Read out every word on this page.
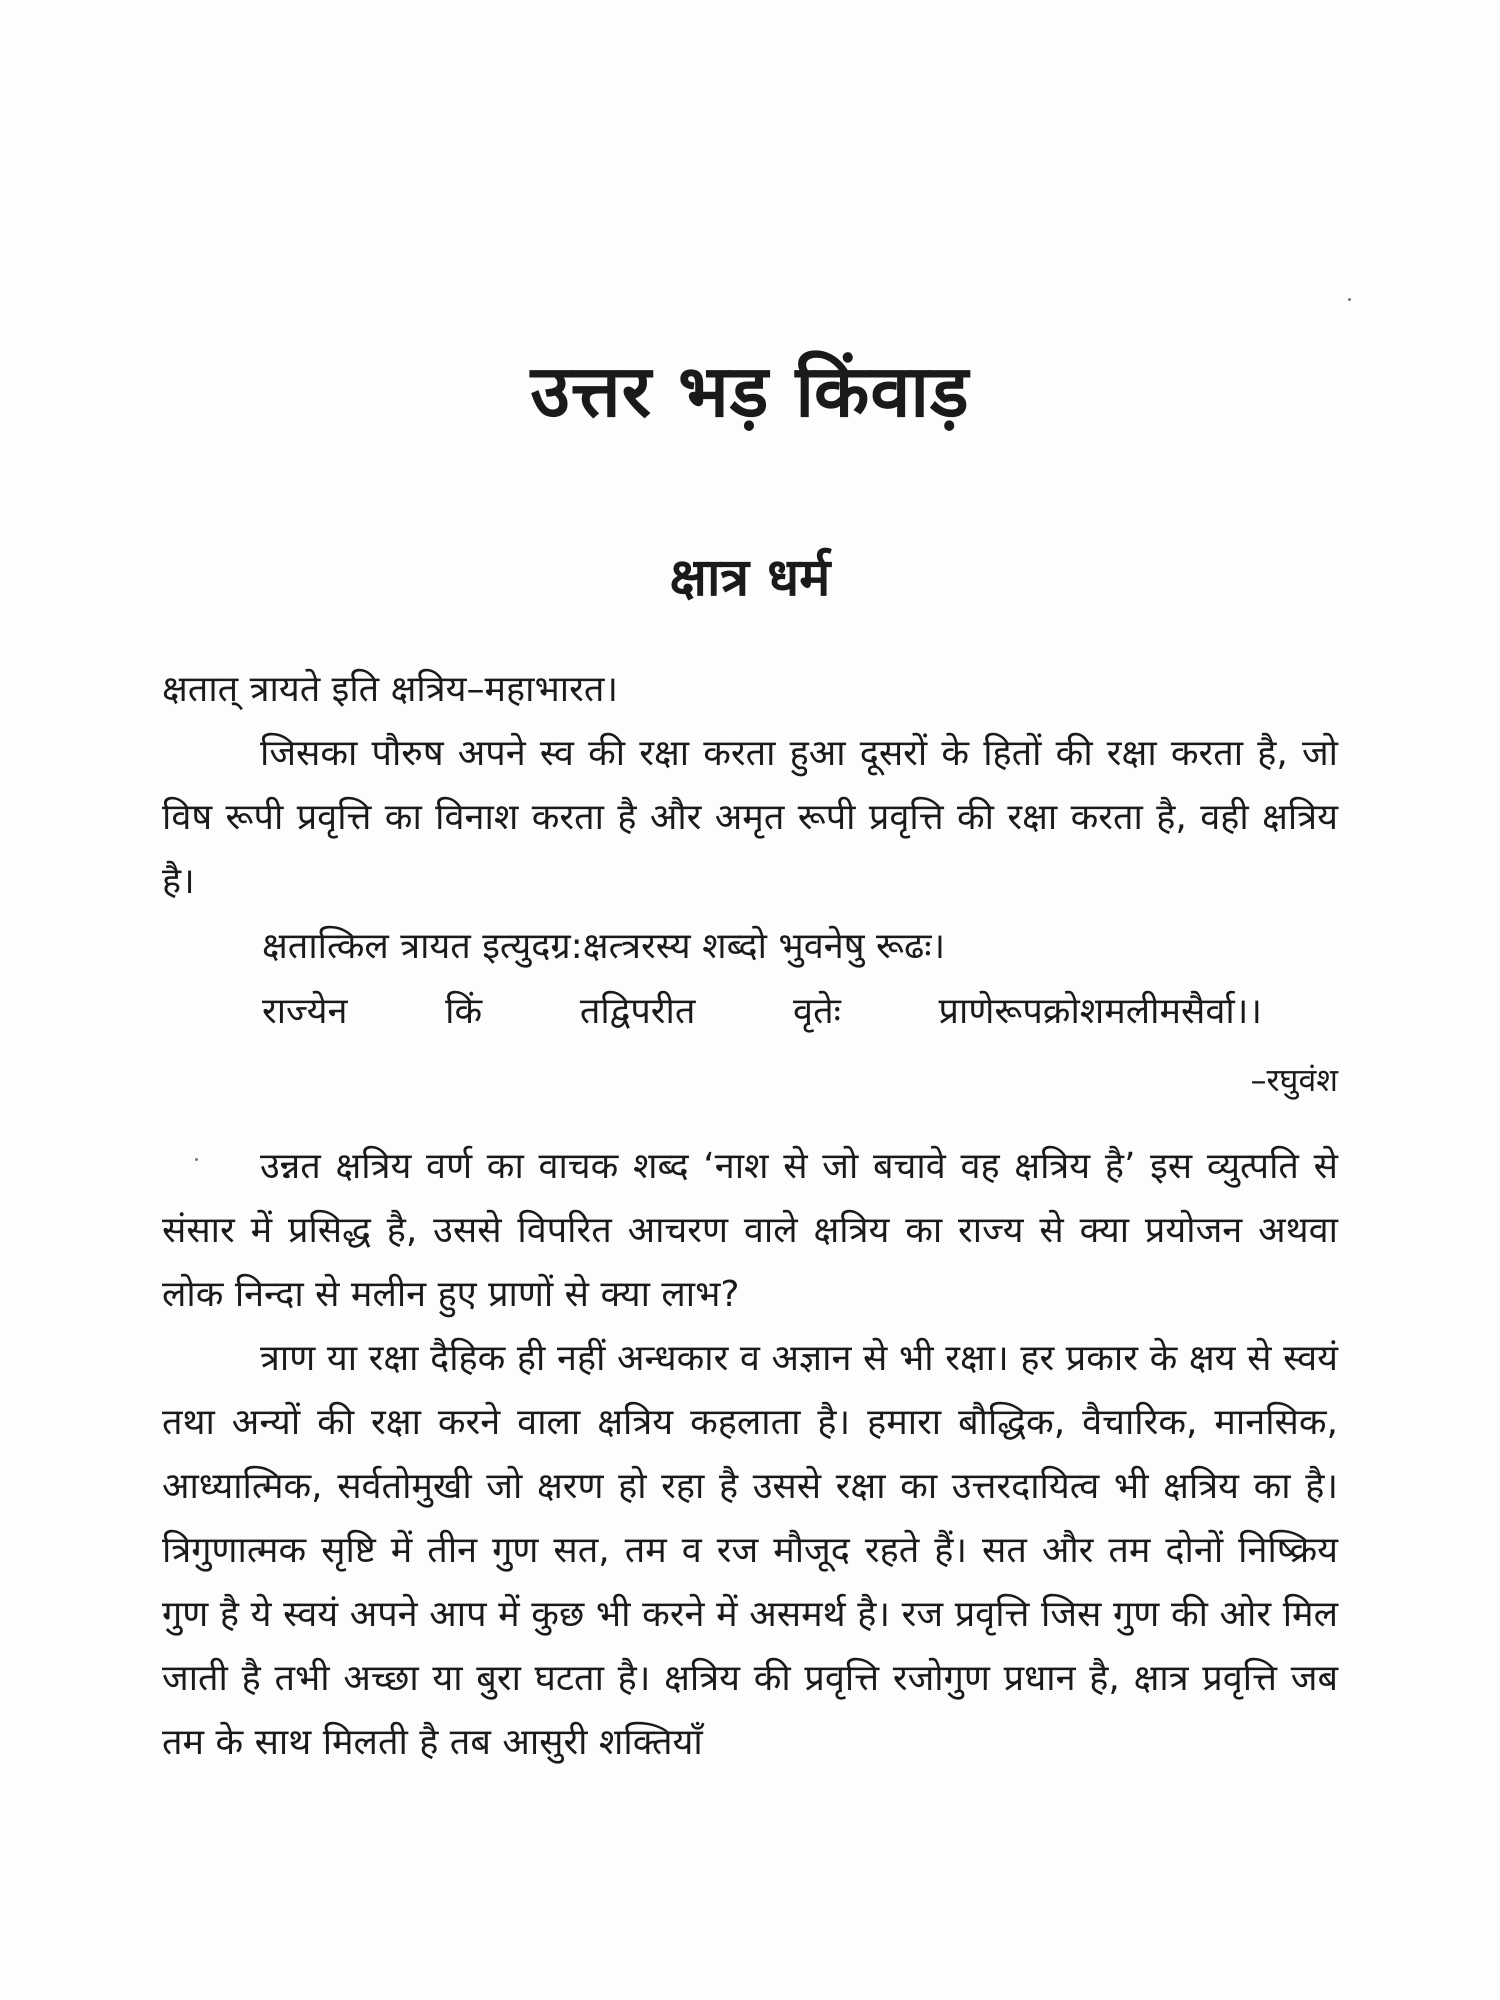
उत्तर भड़ किंवाड़
क्षात्र धर्म
क्षतात् त्रायते इति क्षत्रिय–महाभारत।

जिसका पौरुष अपने स्व की रक्षा करता हुआ दूसरों के हितों की रक्षा करता है, जो विष रूपी प्रवृत्ति का विनाश करता है और अमृत रूपी प्रवृत्ति की रक्षा करता है, वही क्षत्रिय है।

क्षतात्किल त्रायत इत्युदग्र:क्षत्त्ररस्य शब्दो भुवनेषु रूढः।
राज्येन किं तद्विपरीत वृतेः प्राणेरूपक्रोशमलीमसैर्वा।।
–रघुवंश

उन्नत क्षत्रिय वर्ण का वाचक शब्द ‘नाश से जो बचावे वह क्षत्रिय है’ इस व्युत्पति से संसार में प्रसिद्ध है, उससे विपरित आचरण वाले क्षत्रिय का राज्य से क्या प्रयोजन अथवा लोक निन्दा से मलीन हुए प्राणों से क्या लाभ?

त्राण या रक्षा दैहिक ही नहीं अन्धकार व अज्ञान से भी रक्षा। हर प्रकार के क्षय से स्वयं तथा अन्यों की रक्षा करने वाला क्षत्रिय कहलाता है। हमारा बौद्धिक, वैचारिक, मानसिक, आध्यात्मिक, सर्वतोमुखी जो क्षरण हो रहा है उससे रक्षा का उत्तरदायित्व भी क्षत्रिय का है। त्रिगुणात्मक सृष्टि में तीन गुण सत, तम व रज मौजूद रहते हैं। सत और तम दोनों निष्क्रिय गुण है ये स्वयं अपने आप में कुछ भी करने में असमर्थ है। रज प्रवृत्ति जिस गुण की ओर मिल जाती है तभी अच्छा या बुरा घटता है। क्षत्रिय की प्रवृत्ति रजोगुण प्रधान है, क्षात्र प्रवृत्ति जब तम के साथ मिलती है तब आसुरी शक्तियाँ
